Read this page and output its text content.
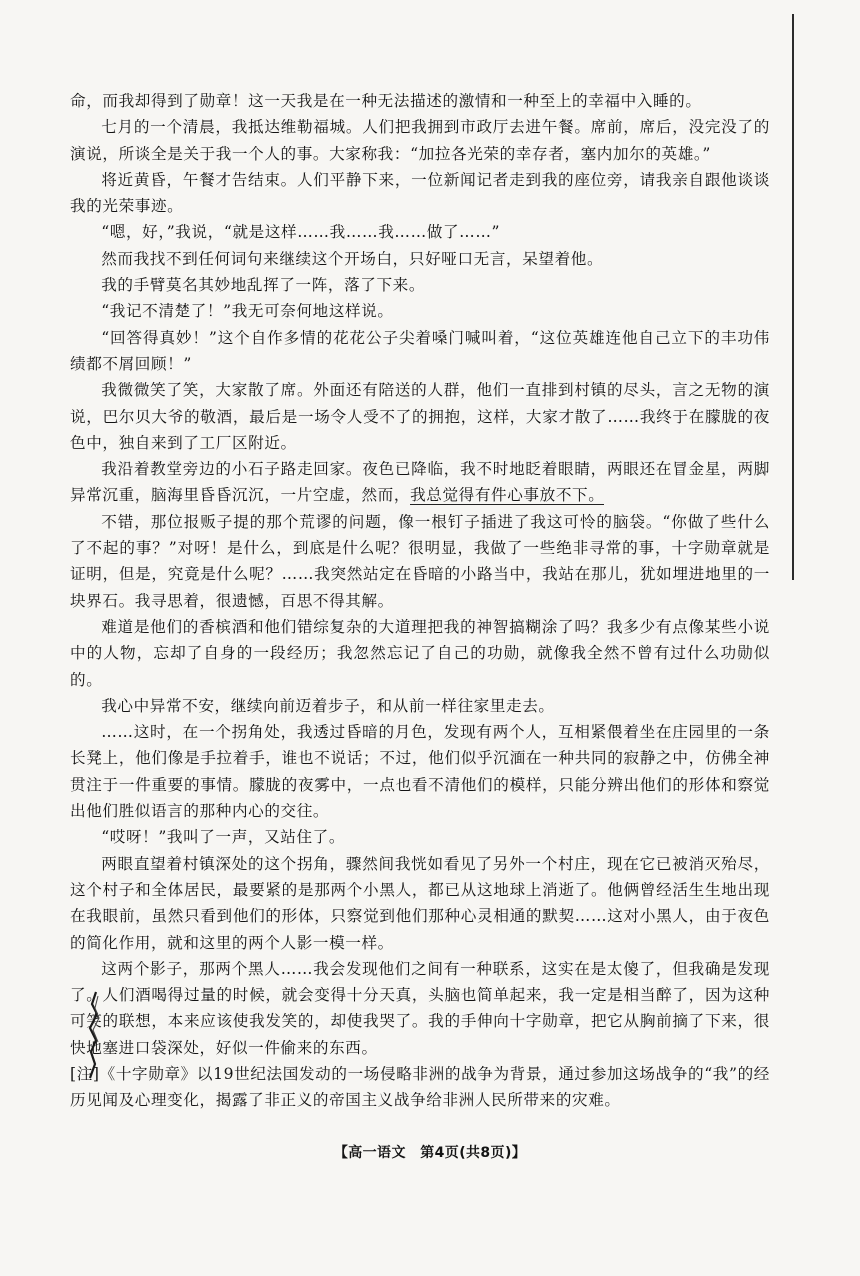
命，而我却得到了勋章！这一天我是在一种无法描述的激情和一种至上的幸福中入睡的。

七月的一个清晨，我抵达维勒福城。人们把我拥到市政厅去进午餐。席前，席后，没完没了的演说，所谈全是关于我一个人的事。大家称我：“加拉各光荣的幸存者，塞内加尔的英雄。”

将近黄昏，午餐才告结束。人们平静下来，一位新闻记者走到我的座位旁，请我亲自跟他谈谈我的光荣事迹。

“嗯，好，”我说，“就是这样……我……我……做了……”

然而我找不到任何词句来继续这个开场白，只好哑口无言，呆望着他。

我的手臂莫名其妙地乱挥了一阵，落了下来。

“我记不清楚了！”我无可奈何地这样说。

“回答得真妙！”这个自作多情的花花公子尖着嗓门喊叫着，“这位英雄连他自己立下的丰功伟绩都不屑回顾！”

我微微笑了笑，大家散了席。外面还有陪送的人群，他们一直排到村镇的尽头，言之无物的演说，巴尔贝大爷的敬酒，最后是一场令人受不了的拥抱，这样，大家才散了……我终于在朦胧的夜色中，独自来到了工厂区附近。

我沿着教堂旁边的小石子路走回家。夜色已降临，我不时地眨着眼睛，两眼还在冒金星，两脚异常沉重，脑海里昏昏沉沉，一片空虚，然而，我总觉得有件心事放不下。

不错，那位报贩子提的那个荒谬的问题，像一根钉子插进了我这可怜的脑袋。“你做了些什么了不起的事？”对呀！是什么，到底是什么呢？很明显，我做了一些绝非寻常的事，十字勋章就是证明，但是，究竟是什么呢？……我突然站定在昏暗的小路当中，我站在那儿，犹如埋进地里的一块界石。我寻思着，很遗憾，百思不得其解。

难道是他们的香槟酒和他们错综复杂的大道理把我的神智搞糊涂了吗？我多少有点像某些小说中的人物，忘却了自身的一段经历；我忽然忘记了自己的功勋，就像我全然不曾有过什么功勋似的。

我心中异常不安，继续向前迈着步子，和从前一样往家里走去。

……这时，在一个拐角处，我透过昏暗的月色，发现有两个人，互相紧偎着坐在庄园里的一条长凳上，他们像是手拉着手，谁也不说话；不过，他们似乎沉湎在一种共同的寂静之中，仿佛全神贯注于一件重要的事情。朦胧的夜雾中，一点也看不清他们的模样，只能分辨出他们的形体和察觉出他们胜似语言的那种内心的交往。

“哎呀！”我叫了一声，又站住了。

两眼直望着村镇深处的这个拐角，骤然间我恍如看见了另外一个村庄，现在它已被消灭殆尽，这个村子和全体居民，最要紧的是那两个小黑人，都已从这地球上消逝了。他俩曾经活生生地出现在我眼前，虽然只看到他们的形体，只察觉到他们那种心灵相通的默契……这对小黑人，由于夜色的简化作用，就和这里的两个人影一模一样。

这两个影子，那两个黑人……我会发现他们之间有一种联系，这实在是太傻了，但我确是发现了。人们酒喝得过量的时候，就会变得十分天真，头脑也简单起来，我一定是相当醉了，因为这种可笑的联想，本来应该使我发笑的，却使我哭了。我的手伸向十字勋章，把它从胸前摘了下来，很快地塞进口袋深处，好似一件偷来的东西。

[注]《十字勋章》以19世纪法国发动的一场侵略非洲的战争为背景，通过参加这场战争的“我”的经历见闻及心理变化，揭露了非正义的帝国主义战争给非洲人民所带来的灾难。

【高一语文　第4页(共8页)】
